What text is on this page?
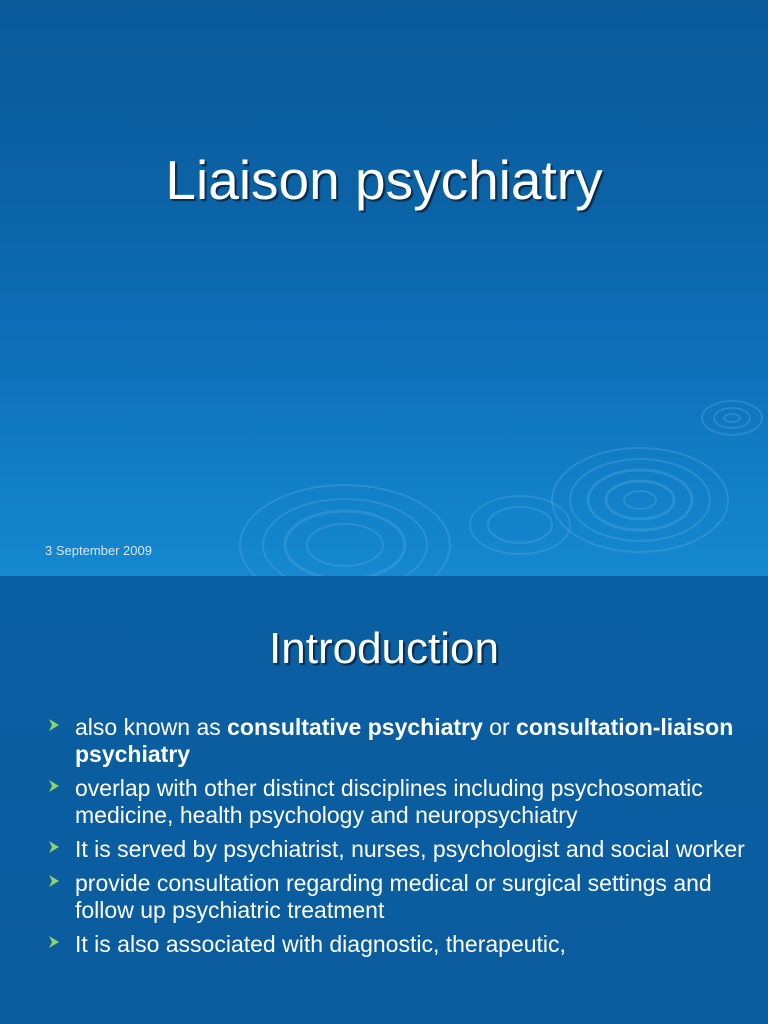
Liaison psychiatry
3 September 2009
Introduction
also known as consultative psychiatry or consultation-liaison psychiatry
overlap with other distinct disciplines including psychosomatic medicine, health psychology and neuropsychiatry
It is served by psychiatrist, nurses, psychologist and social worker
provide consultation regarding medical or surgical settings and follow up psychiatric treatment
It is also associated with diagnostic, therapeutic,
